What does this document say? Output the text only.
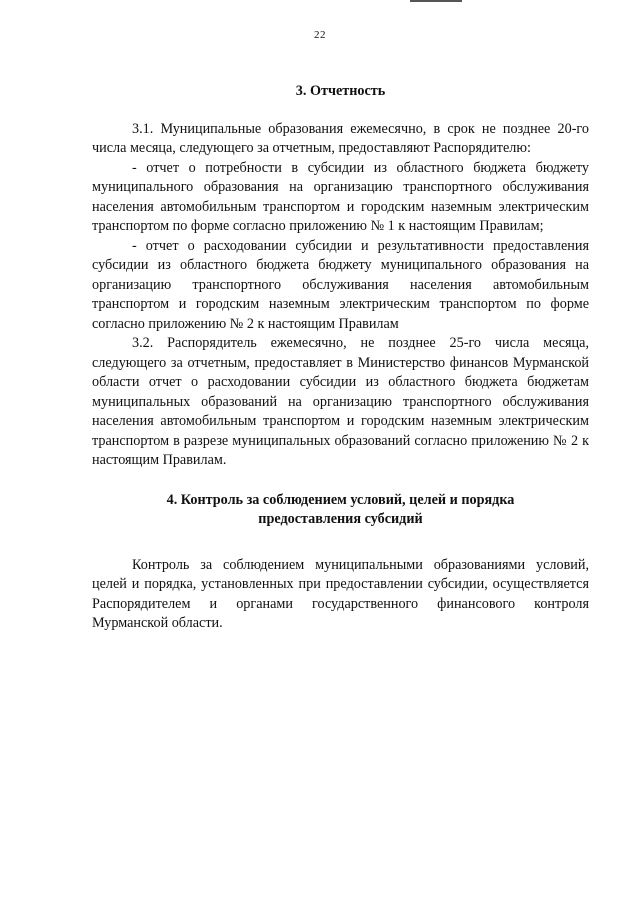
22
3. Отчетность

3.1. Муниципальные образования ежемесячно, в срок не позднее 20-го числа месяца, следующего за отчетным, предоставляют Распорядителю:

- отчет о потребности в субсидии из областного бюджета бюджету муниципального образования на организацию транспортного обслуживания населения автомобильным транспортом и городским наземным электрическим транспортом по форме согласно приложению № 1 к настоящим Правилам;

- отчет о расходовании субсидии и результативности предоставления субсидии из областного бюджета бюджету муниципального образования на организацию транспортного обслуживания населения автомобильным транспортом и городским наземным электрическим транспортом по форме согласно приложению № 2 к настоящим Правилам

3.2. Распорядитель ежемесячно, не позднее 25-го числа месяца, следующего за отчетным, предоставляет в Министерство финансов Мурманской области отчет о расходовании субсидии из областного бюджета бюджетам муниципальных образований на организацию транспортного обслуживания населения автомобильным транспортом и городским наземным электрическим транспортом в разрезе муниципальных образований согласно приложению № 2 к настоящим Правилам.

4. Контроль за соблюдением условий, целей и порядка
предоставления субсидий

Контроль за соблюдением муниципальными образованиями условий, целей и порядка, установленных при предоставлении субсидии, осуществляется Распорядителем и органами государственного финансового контроля Мурманской области.
